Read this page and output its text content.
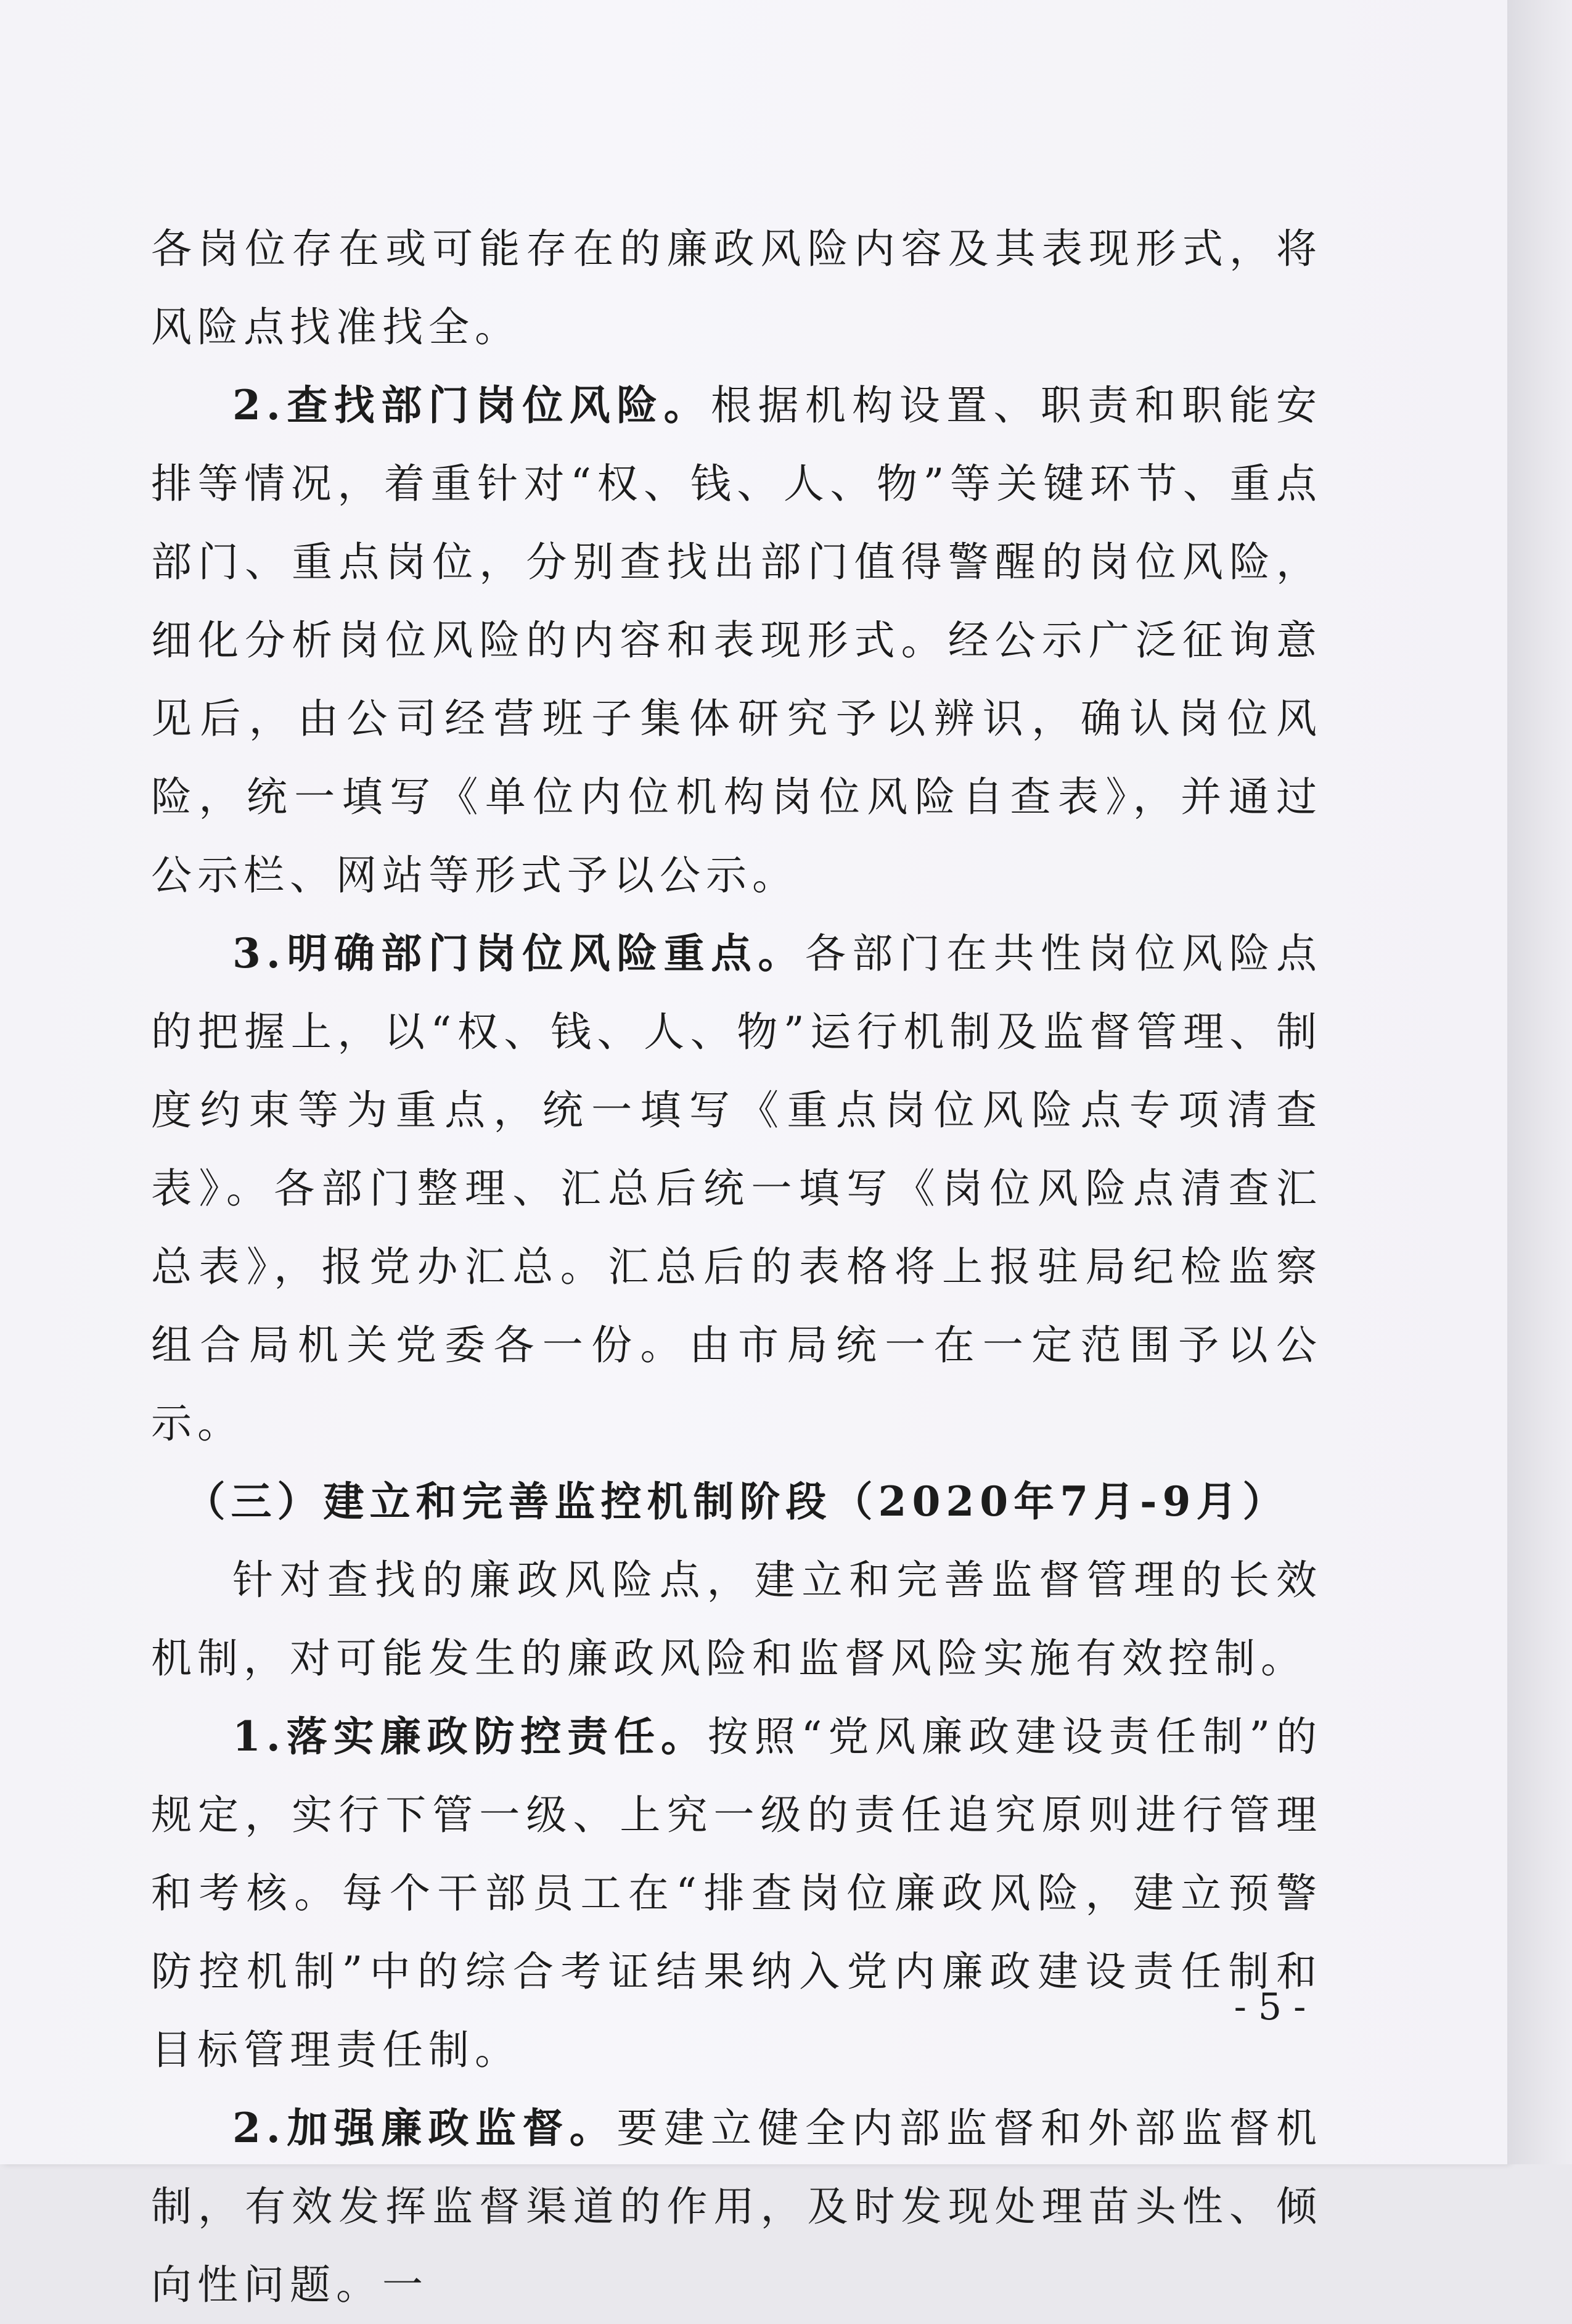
各岗位存在或可能存在的廉政风险内容及其表现形式，将风险点找准找全。

2.查找部门岗位风险。根据机构设置、职责和职能安排等情况，着重针对“权、钱、人、物”等关键环节、重点部门、重点岗位，分别查找出部门值得警醒的岗位风险，细化分析岗位风险的内容和表现形式。经公示广泛征询意见后，由公司经营班子集体研究予以辨识，确认岗位风险，统一填写《单位内位机构岗位风险自查表》，并通过公示栏、网站等形式予以公示。

3.明确部门岗位风险重点。各部门在共性岗位风险点的把握上，以“权、钱、人、物”运行机制及监督管理、制度约束等为重点，统一填写《重点岗位风险点专项清查表》。各部门整理、汇总后统一填写《岗位风险点清查汇总表》，报党办汇总。汇总后的表格将上报驻局纪检监察组合局机关党委各一份。由市局统一在一定范围予以公示。

（三）建立和完善监控机制阶段（2020年7月-9月）

针对查找的廉政风险点，建立和完善监督管理的长效机制，对可能发生的廉政风险和监督风险实施有效控制。

1.落实廉政防控责任。按照“党风廉政建设责任制”的规定，实行下管一级、上究一级的责任追究原则进行管理和考核。每个干部员工在“排查岗位廉政风险，建立预警防控机制”中的综合考证结果纳入党内廉政建设责任制和目标管理责任制。

2.加强廉政监督。要建立健全内部监督和外部监督机制，有效发挥监督渠道的作用，及时发现处理苗头性、倾向性问题。一

- 5 -
